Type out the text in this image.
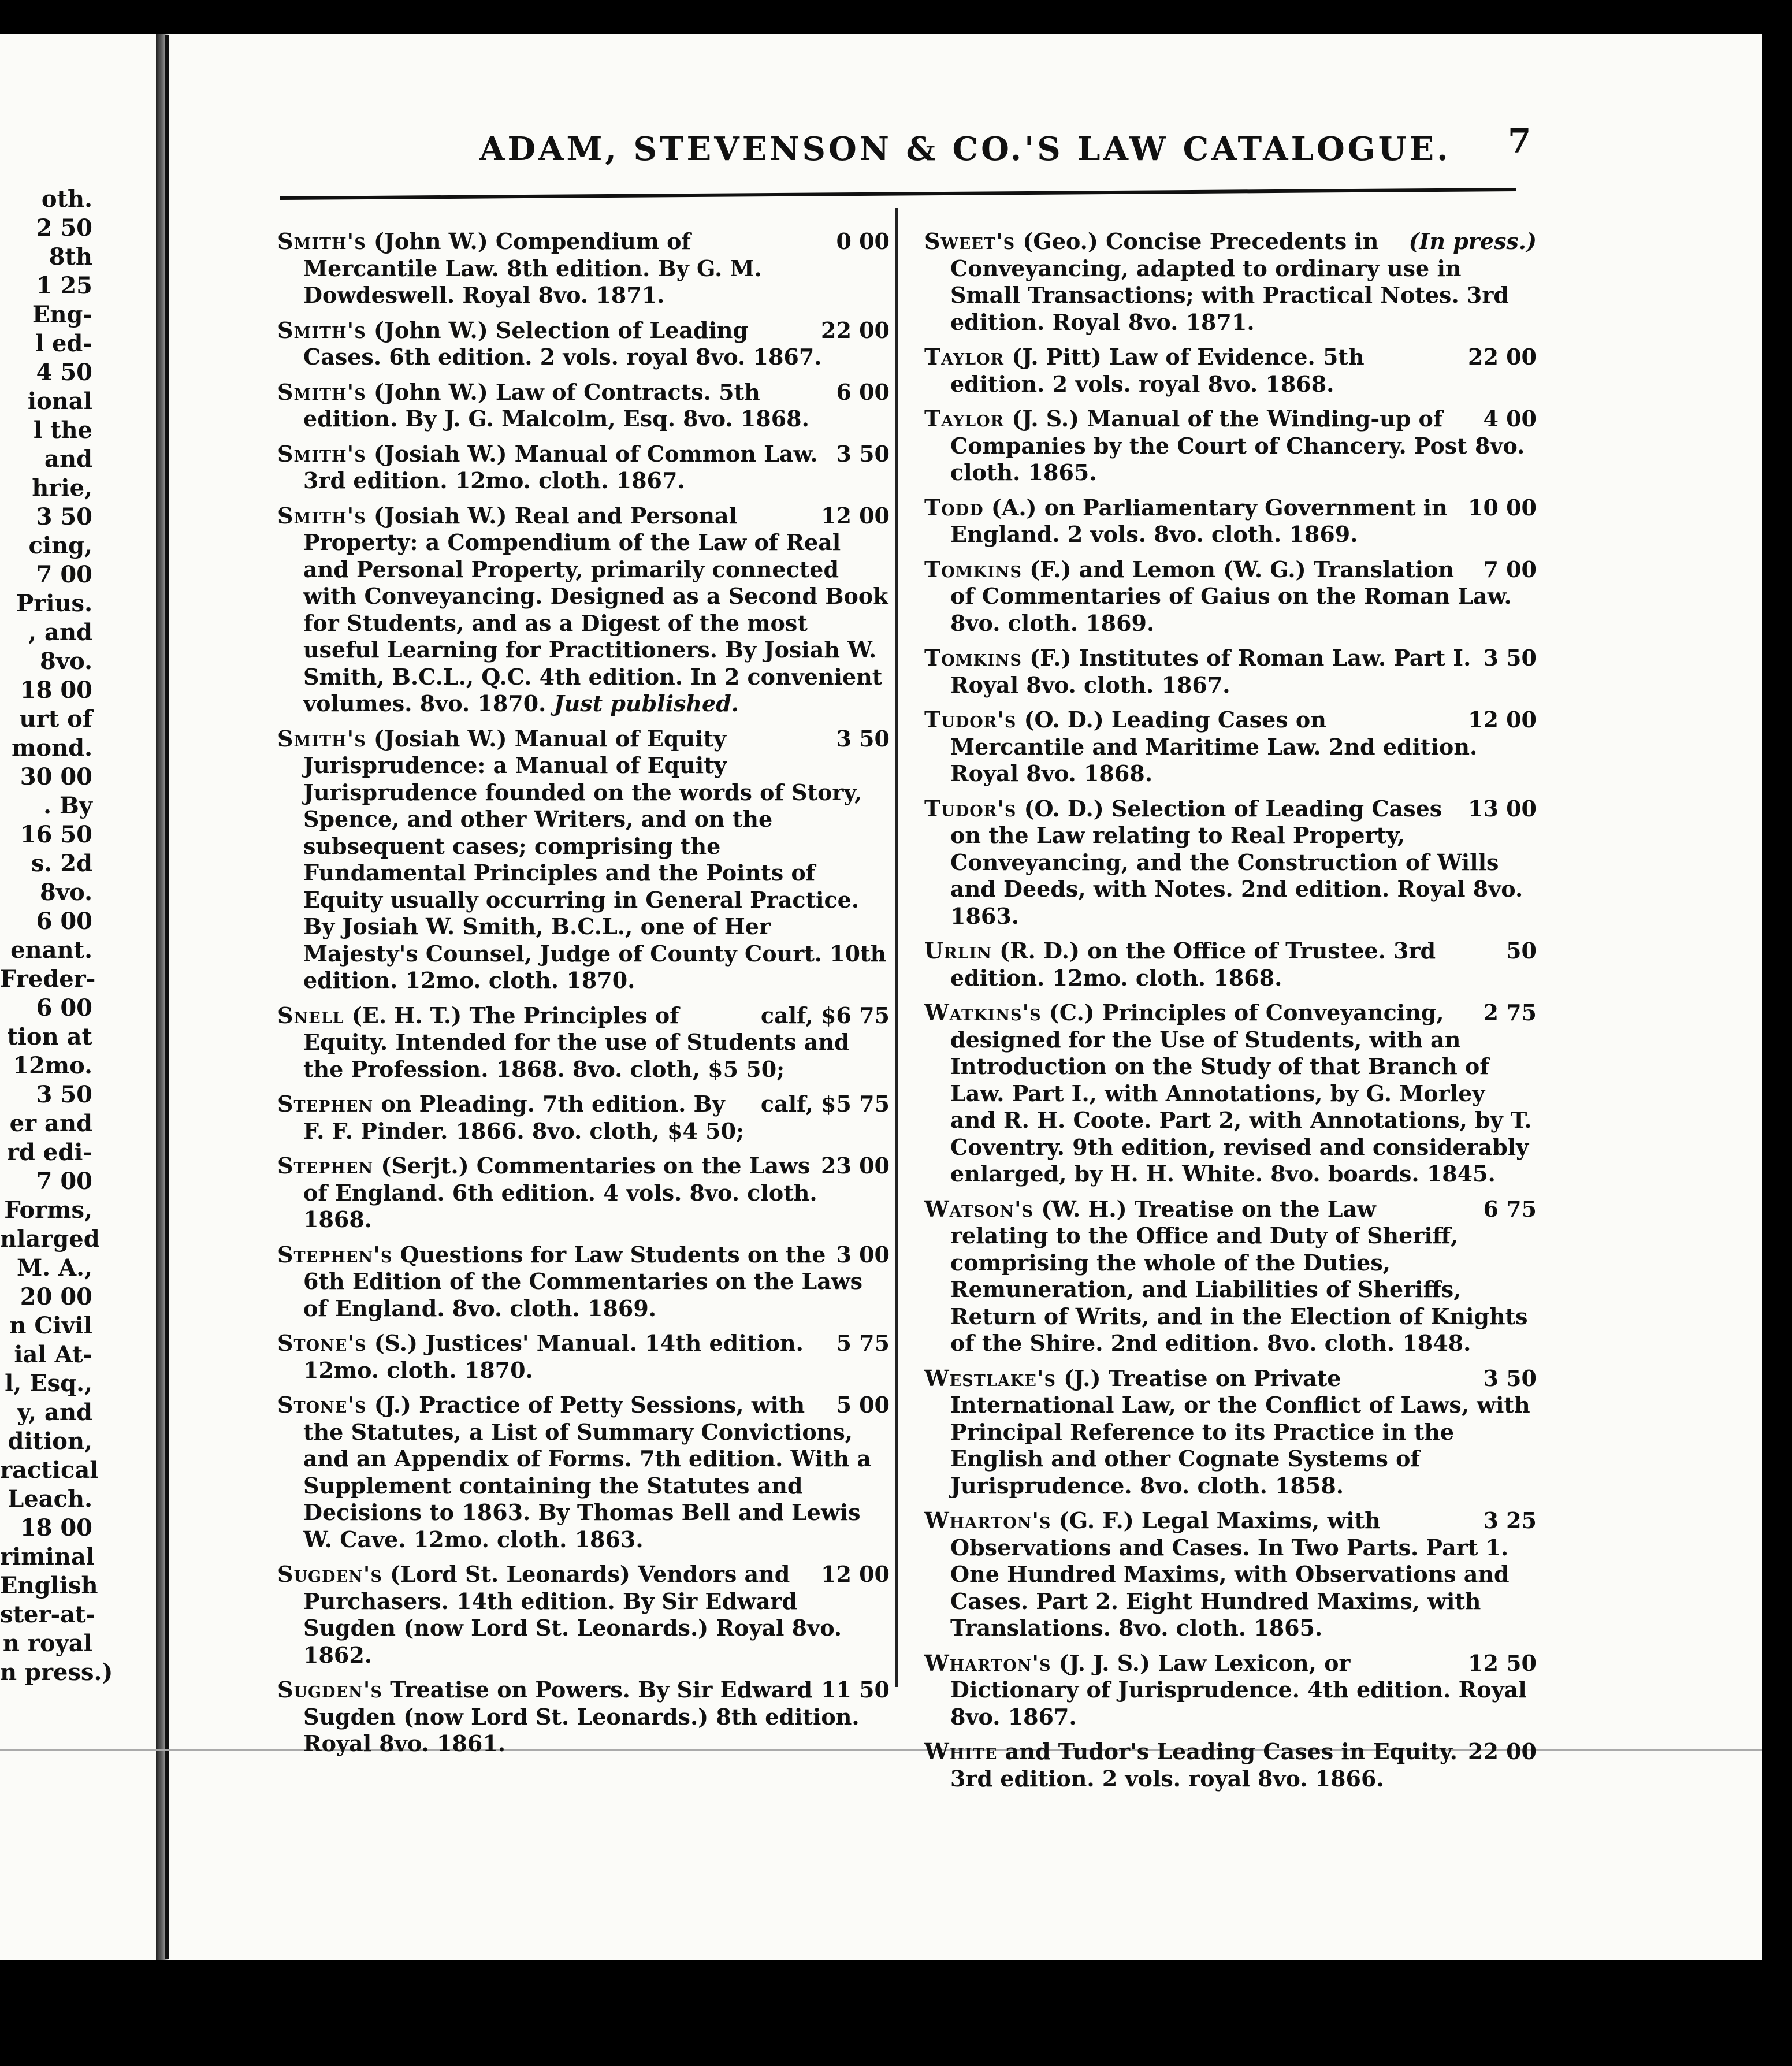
oth.
2 50
8th
1 25
Eng-
l ed-
4 50
ional
l the
and
hrie,
3 50
cing,
7 00
Prius.
, and
8vo.
18 00
urt of
mond.
30 00
. By
16 50
s. 2d
8vo.
6 00
enant.
Freder-
6 00
tion at
12mo.
3 50
er and
rd edi-
7 00
Forms,
nlarged
M. A.,
20 00
n Civil
ial At-
l, Esq.,
y, and
dition,
ractical
Leach.
18 00
riminal
English
ster-at-
n royal
n press.)
ADAM, STEVENSON & CO.'S LAW CATALOGUE. 7
0 00
Smith's (John W.) Compendium of Mercantile Law. 8th edition. By G. M. Dowdeswell. Royal 8vo. 1871.
22 00
Smith's (John W.) Selection of Leading Cases. 6th edition. 2 vols. royal 8vo. 1867.
6 00
Smith's (John W.) Law of Contracts. 5th edition. By J. G. Malcolm, Esq. 8vo. 1868.
3 50
Smith's (Josiah W.) Manual of Common Law. 3rd edition. 12mo. cloth. 1867.
12 00
Smith's (Josiah W.) Real and Personal Property: a Compendium of the Law of Real and Personal Property, primarily connected with Conveyancing. Designed as a Second Book for Students, and as a Digest of the most useful Learning for Practitioners. By Josiah W. Smith, B.C.L., Q.C. 4th edition. In 2 convenient volumes. 8vo. 1870. Just published.
3 50
Smith's (Josiah W.) Manual of Equity Jurisprudence: a Manual of Equity Jurisprudence founded on the words of Story, Spence, and other Writers, and on the subsequent cases; comprising the Fundamental Principles and the Points of Equity usually occurring in General Practice. By Josiah W. Smith, B.C.L., one of Her Majesty's Counsel, Judge of County Court. 10th edition. 12mo. cloth. 1870.
calf, $6 75
Snell (E. H. T.) The Principles of Equity. Intended for the use of Students and the Profession. 1868. 8vo. cloth, $5 50;
calf, $5 75
Stephen on Pleading. 7th edition. By F. F. Pinder. 1866. 8vo. cloth, $4 50;
23 00
Stephen (Serjt.) Commentaries on the Laws of England. 6th edition. 4 vols. 8vo. cloth. 1868.
3 00
Stephen's Questions for Law Students on the 6th Edition of the Commentaries on the Laws of England. 8vo. cloth. 1869.
5 75
Stone's (S.) Justices' Manual. 14th edition. 12mo. cloth. 1870.
5 00
Stone's (J.) Practice of Petty Sessions, with the Statutes, a List of Summary Convictions, and an Appendix of Forms. 7th edition. With a Supplement containing the Statutes and Decisions to 1863. By Thomas Bell and Lewis W. Cave. 12mo. cloth. 1863.
12 00
Sugden's (Lord St. Leonards) Vendors and Purchasers. 14th edition. By Sir Edward Sugden (now Lord St. Leonards.) Royal 8vo. 1862.
11 50
Sugden's Treatise on Powers. By Sir Edward Sugden (now Lord St. Leonards.) 8th edition. Royal 8vo. 1861.
(In press.)
Sweet's (Geo.) Concise Precedents in Conveyancing, adapted to ordinary use in Small Transactions; with Practical Notes. 3rd edition. Royal 8vo. 1871.
22 00
Taylor (J. Pitt) Law of Evidence. 5th edition. 2 vols. royal 8vo. 1868.
4 00
Taylor (J. S.) Manual of the Winding-up of Companies by the Court of Chancery. Post 8vo. cloth. 1865.
10 00
Todd (A.) on Parliamentary Government in England. 2 vols. 8vo. cloth. 1869.
7 00
Tomkins (F.) and Lemon (W. G.) Translation of Commentaries of Gaius on the Roman Law. 8vo. cloth. 1869.
3 50
Tomkins (F.) Institutes of Roman Law. Part I. Royal 8vo. cloth. 1867.
12 00
Tudor's (O. D.) Leading Cases on Mercantile and Maritime Law. 2nd edition. Royal 8vo. 1868.
13 00
Tudor's (O. D.) Selection of Leading Cases on the Law relating to Real Property, Conveyancing, and the Construction of Wills and Deeds, with Notes. 2nd edition. Royal 8vo. 1863.
50
Urlin (R. D.) on the Office of Trustee. 3rd edition. 12mo. cloth. 1868.
2 75
Watkins's (C.) Principles of Conveyancing, designed for the Use of Students, with an Introduction on the Study of that Branch of Law. Part I., with Annotations, by G. Morley and R. H. Coote. Part 2, with Annotations, by T. Coventry. 9th edition, revised and considerably enlarged, by H. H. White. 8vo. boards. 1845.
6 75
Watson's (W. H.) Treatise on the Law relating to the Office and Duty of Sheriff, comprising the whole of the Duties, Remuneration, and Liabilities of Sheriffs, Return of Writs, and in the Election of Knights of the Shire. 2nd edition. 8vo. cloth. 1848.
3 50
Westlake's (J.) Treatise on Private International Law, or the Conflict of Laws, with Principal Reference to its Practice in the English and other Cognate Systems of Jurisprudence. 8vo. cloth. 1858.
3 25
Wharton's (G. F.) Legal Maxims, with Observations and Cases. In Two Parts. Part 1. One Hundred Maxims, with Observations and Cases. Part 2. Eight Hundred Maxims, with Translations. 8vo. cloth. 1865.
12 50
Wharton's (J. J. S.) Law Lexicon, or Dictionary of Jurisprudence. 4th edition. Royal 8vo. 1867.
22 00
White and Tudor's Leading Cases in Equity. 3rd edition. 2 vols. royal 8vo. 1866.
